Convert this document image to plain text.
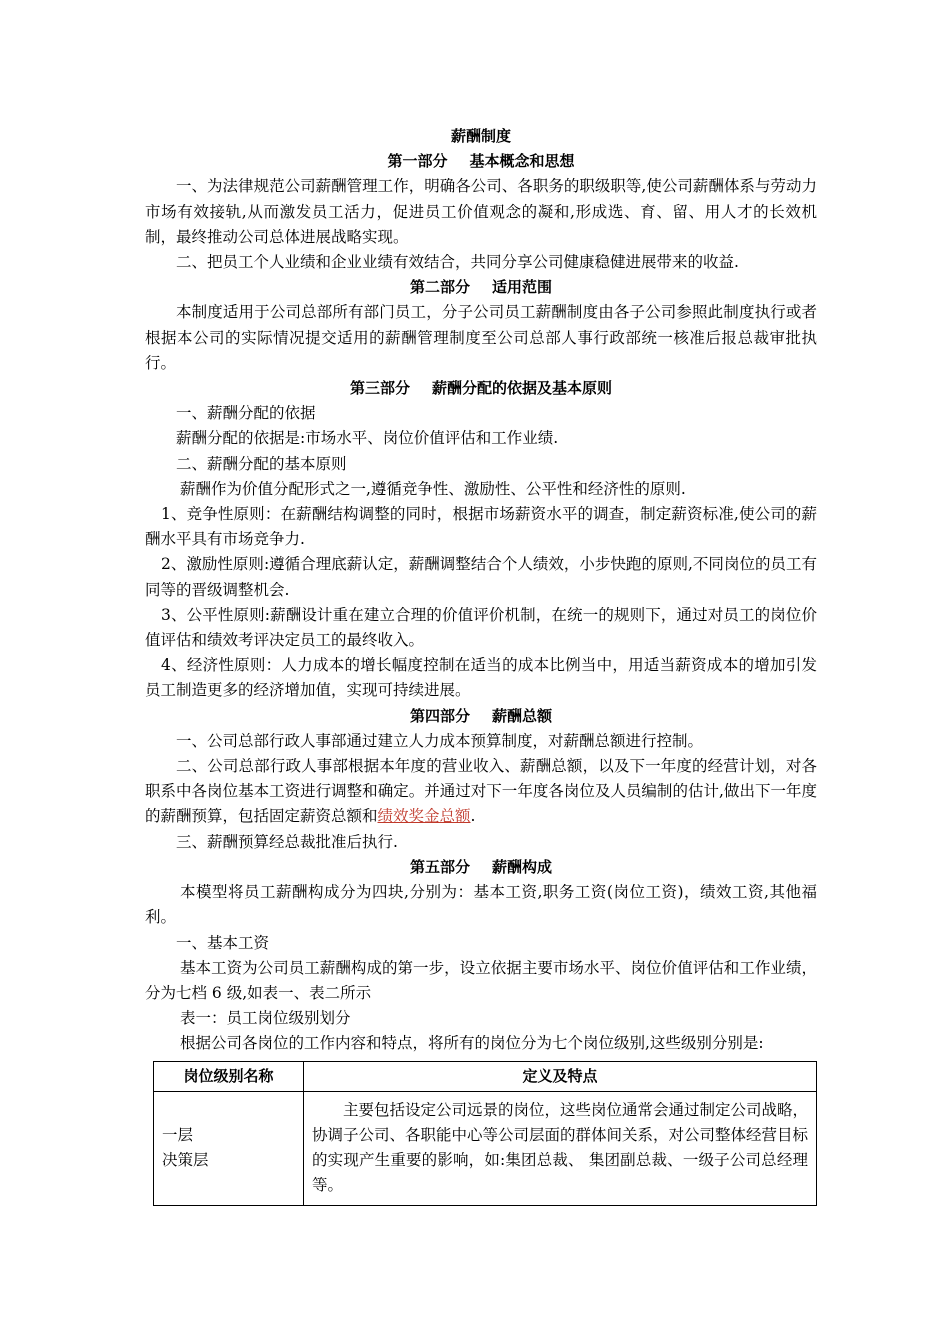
薪酬制度

第一部分 基本概念和思想

一、为法律规范公司薪酬管理工作，明确各公司、各职务的职级职等,使公司薪酬体系与劳动力市场有效接轨,从而激发员工活力，促进员工价值观念的凝和,形成选、育、留、用人才的长效机制，最终推动公司总体进展战略实现。

二、把员工个人业绩和企业业绩有效结合，共同分享公司健康稳健进展带来的收益.

第二部分 适用范围

本制度适用于公司总部所有部门员工，分子公司员工薪酬制度由各子公司参照此制度执行或者根据本公司的实际情况提交适用的薪酬管理制度至公司总部人事行政部统一核准后报总裁审批执行。

第三部分 薪酬分配的依据及基本原则

一、薪酬分配的依据

薪酬分配的依据是:市场水平、岗位价值评估和工作业绩.

二、薪酬分配的基本原则

薪酬作为价值分配形式之一,遵循竞争性、激励性、公平性和经济性的原则.

1、竞争性原则：在薪酬结构调整的同时，根据市场薪资水平的调查，制定薪资标准,使公司的薪酬水平具有市场竞争力.

2、激励性原则:遵循合理底薪认定，薪酬调整结合个人绩效，小步快跑的原则,不同岗位的员工有同等的晋级调整机会.

3、公平性原则:薪酬设计重在建立合理的价值评价机制，在统一的规则下，通过对员工的岗位价值评估和绩效考评决定员工的最终收入。

4、经济性原则：人力成本的增长幅度控制在适当的成本比例当中，用适当薪资成本的增加引发员工制造更多的经济增加值，实现可持续进展。

第四部分 薪酬总额

一、公司总部行政人事部通过建立人力成本预算制度，对薪酬总额进行控制。

二、公司总部行政人事部根据本年度的营业收入、薪酬总额，以及下一年度的经营计划，对各职系中各岗位基本工资进行调整和确定。并通过对下一年度各岗位及人员编制的估计,做出下一年度的薪酬预算，包括固定薪资总额和绩效奖金总额.

三、薪酬预算经总裁批准后执行.

第五部分 薪酬构成

本模型将员工薪酬构成分为四块,分别为：基本工资,职务工资(岗位工资)，绩效工资,其他福利。

一、基本工资

基本工资为公司员工薪酬构成的第一步，设立依据主要市场水平、岗位价值评估和工作业绩，分为七档 6 级,如表一、表二所示

表一：员工岗位级别划分

根据公司各岗位的工作内容和特点，将所有的岗位分为七个岗位级别,这些级别分别是:

岗位级别名称	定义及特点

一层
决策层	主要包括设定公司远景的岗位，这些岗位通常会通过制定公司战略，协调子公司、各职能中心等公司层面的群体间关系，对公司整体经营目标的实现产生重要的影响，如:集团总裁、 集团副总裁、一级子公司总经理等。
